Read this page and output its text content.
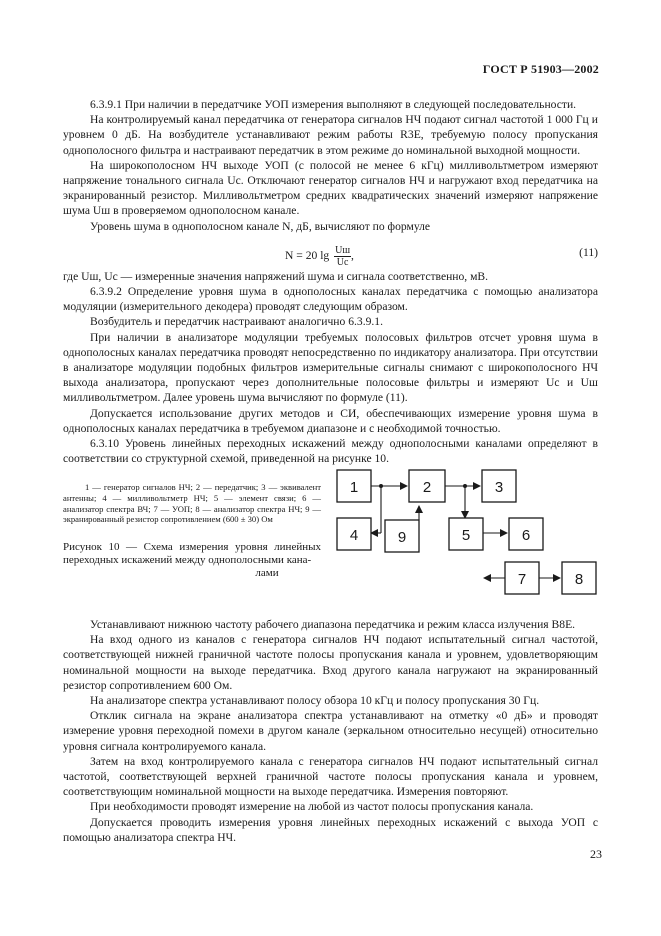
ГОСТ Р 51903—2002

6.3.9.1 При наличии в передатчике УОП измерения выполняют в следующей последовательности.

На контролируемый канал передатчика от генератора сигналов НЧ подают сигнал частотой 1 000 Гц и уровнем 0 дБ. На возбудителе устанавливают режим работы R3E, требуемую полосу пропускания однополосного фильтра и настраивают передатчик в этом режиме до номинальной выходной мощности.

На широкополосном НЧ выходе УОП (с полосой не менее 6 кГц) милливольтметром измеряют напряжение тонального сигнала Uс. Отключают генератор сигналов НЧ и нагружают вход передатчика на экранированный резистор. Милливольтметром средних квадратических значений измеряют напряжение шума Uш в проверяемом однополосном канале.

Уровень шума в однополосном канале N, дБ, вычисляют по формуле

N = 20 $\lg \frac{Uш}{Uс}$ ,	(11)

где Uш, Uс — измеренные значения напряжений шума и сигнала соответственно, мВ.

6.3.9.2 Определение уровня шума в однополосных каналах передатчика с помощью анализатора модуляции (измерительного декодера) проводят следующим образом.

Возбудитель и передатчик настраивают аналогично 6.3.9.1.

При наличии в анализаторе модуляции требуемых полосовых фильтров отсчет уровня шума в однополосных каналах передатчика проводят непосредственно по индикатору анализатора. При отсутствии в анализаторе модуляции подобных фильтров измерительные сигналы снимают с широкополосного НЧ выхода анализатора, пропускают через дополнительные полосовые фильтры и измеряют Uс и Uш милливольтметром. Далее уровень шума вычисляют по формуле (11).

Допускается использование других методов и СИ, обеспечивающих измерение уровня шума в однополосных каналах передатчика в требуемом диапазоне и с необходимой точностью.

6.3.10 Уровень линейных переходных искажений между однополосными каналами определяют в соответствии со структурной схемой, приведенной на рисунке 10.

1 — генератор сигналов НЧ; 2 — передатчик; 3 — эквивалент антенны; 4 — милливольтметр НЧ; 5 — элемент связи; 6 — анализатор спектра ВЧ; 7 — УОП; 8 — анализатор спектра НЧ; 9 — экранированный резистор сопротивлением (600 ± 30) Ом
Рисунок 10 — Схема измерения уровня линейных переходных искажений между однополосными кана-
лами
1	2	3
4	9	5	6
7	8

Устанавливают нижнюю частоту рабочего диапазона передатчика и режим класса излучения B8E.

На вход одного из каналов с генератора сигналов НЧ подают испытательный сигнал частотой, соответствующей нижней граничной частоте полосы пропускания канала и уровнем, удовлетворяющим номинальной мощности на выходе передатчика. Вход другого канала нагружают на экранированный резистор сопротивлением 600 Ом.

На анализаторе спектра устанавливают полосу обзора 10 кГц и полосу пропускания 30 Гц.

Отклик сигнала на экране анализатора спектра устанавливают на отметку «0 дБ» и проводят измерение уровня переходной помехи в другом канале (зеркальном относительно несущей) относительно уровня сигнала контролируемого канала.

Затем на вход контролируемого канала с генератора сигналов НЧ подают испытательный сигнал частотой, соответствующей верхней граничной частоте полосы пропускания канала и уровнем, соответствующим номинальной мощности на выходе передатчика. Измерения повторяют.

При необходимости проводят измерение на любой из частот полосы пропускания канала.

Допускается проводить измерения уровня линейных переходных искажений с выхода УОП с помощью анализатора спектра НЧ.

23
